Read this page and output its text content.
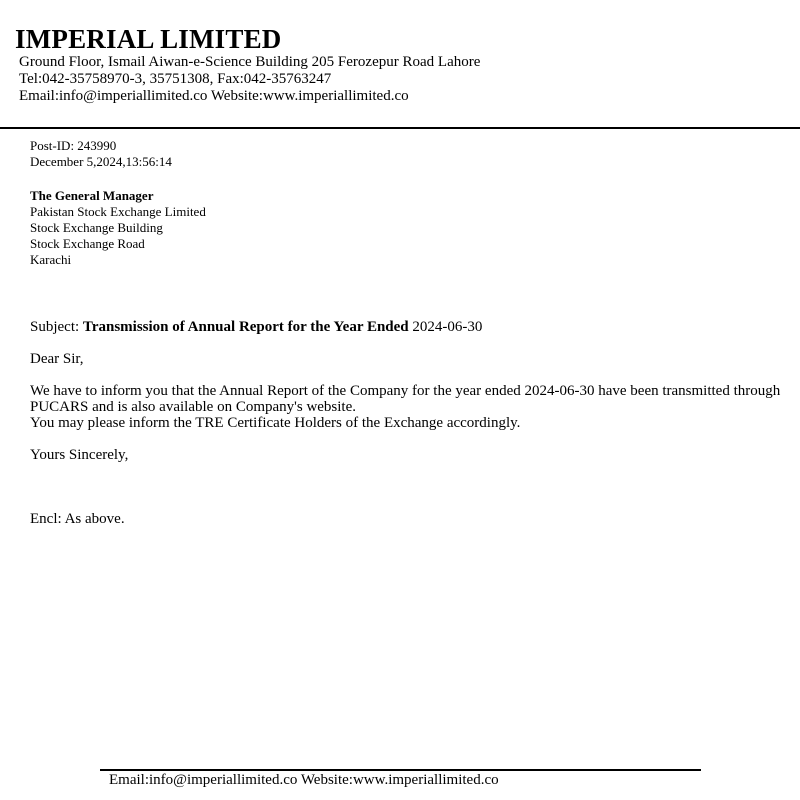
IMPERIAL LIMITED
Ground Floor, Ismail Aiwan-e-Science Building 205 Ferozepur Road Lahore
Tel:042-35758970-3, 35751308, Fax:042-35763247
Email:info@imperiallimited.co Website:www.imperiallimited.co
Post-ID: 243990
December 5,2024,13:56:14
The General Manager
Pakistan Stock Exchange Limited
Stock Exchange Building
Stock Exchange Road
Karachi
Subject: Transmission of Annual Report for the Year Ended 2024-06-30
Dear Sir,
We have to inform you that the Annual Report of the Company for the year ended 2024-06-30 have been transmitted through
PUCARS and is also available on Company's website.
You may please inform the TRE Certificate Holders of the Exchange accordingly.
Yours Sincerely,
Encl: As above.
Email:info@imperiallimited.co Website:www.imperiallimited.co
